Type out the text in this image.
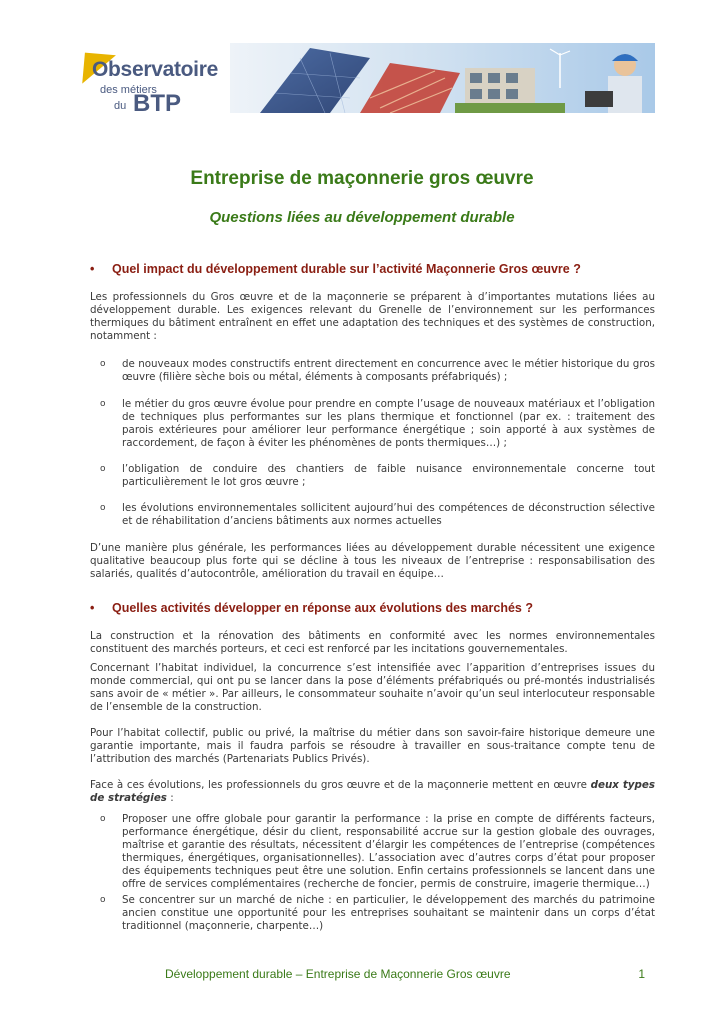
Observatoire
des métiers
du BTP
Entreprise de maçonnerie gros œuvre
Questions liées au développement durable
• Quel impact du développement durable sur l’activité Maçonnerie Gros œuvre ?

Les professionnels du Gros œuvre et de la maçonnerie se préparent à d’importantes mutations liées au développement durable. Les exigences relevant du Grenelle de l’environnement sur les performances thermiques du bâtiment entraînent en effet une adaptation des techniques et des systèmes de construction, notamment :

o de nouveaux modes constructifs entrent directement en concurrence avec le métier historique du gros œuvre (filière sèche bois ou métal, éléments à composants préfabriqués) ;
o le métier du gros œuvre évolue pour prendre en compte l’usage de nouveaux matériaux et l’obligation de techniques plus performantes sur les plans thermique et fonctionnel (par ex. : traitement des parois extérieures pour améliorer leur performance énergétique ; soin apporté à aux systèmes de raccordement, de façon à éviter les phénomènes de ponts thermiques…) ;
o l’obligation de conduire des chantiers de faible nuisance environnementale concerne tout particulièrement le lot gros œuvre ;
o les évolutions environnementales sollicitent aujourd’hui des compétences de déconstruction sélective et de réhabilitation d’anciens bâtiments aux normes actuelles

D’une manière plus générale, les performances liées au développement durable nécessitent une exigence qualitative beaucoup plus forte qui se décline à tous les niveaux de l’entreprise : responsabilisation des salariés, qualités d’autocontrôle, amélioration du travail en équipe…

• Quelles activités développer en réponse aux évolutions des marchés ?

La construction et la rénovation des bâtiments en conformité avec les normes environnementales constituent des marchés porteurs, et ceci est renforcé par les incitations gouvernementales.

Concernant l’habitat individuel, la concurrence s’est intensifiée avec l’apparition d’entreprises issues du monde commercial, qui ont pu se lancer dans la pose d’éléments préfabriqués ou pré-montés industrialisés sans avoir de « métier ». Par ailleurs, le consommateur souhaite n’avoir qu’un seul interlocuteur responsable de l’ensemble de la construction.

Pour l’habitat collectif, public ou privé, la maîtrise du métier dans son savoir-faire historique demeure une garantie importante, mais il faudra parfois se résoudre à travailler en sous-traitance compte tenu de l’attribution des marchés (Partenariats Publics Privés).

Face à ces évolutions, les professionnels du gros œuvre et de la maçonnerie mettent en œuvre deux types de stratégies :

o Proposer une offre globale pour garantir la performance : la prise en compte de différents facteurs, performance énergétique, désir du client, responsabilité accrue sur la gestion globale des ouvrages, maîtrise et garantie des résultats, nécessitent d’élargir les compétences de l’entreprise (compétences thermiques, énergétiques, organisationnelles). L’association avec d’autres corps d’état pour proposer des équipements techniques peut être une solution. Enfin certains professionnels se lancent dans une offre de services complémentaires (recherche de foncier, permis de construire, imagerie thermique…)
o Se concentrer sur un marché de niche : en particulier, le développement des marchés du patrimoine ancien constitue une opportunité pour les entreprises souhaitant se maintenir dans un corps d’état traditionnel (maçonnerie, charpente…)
Développement durable – Entreprise de Maçonnerie Gros œuvre	1
